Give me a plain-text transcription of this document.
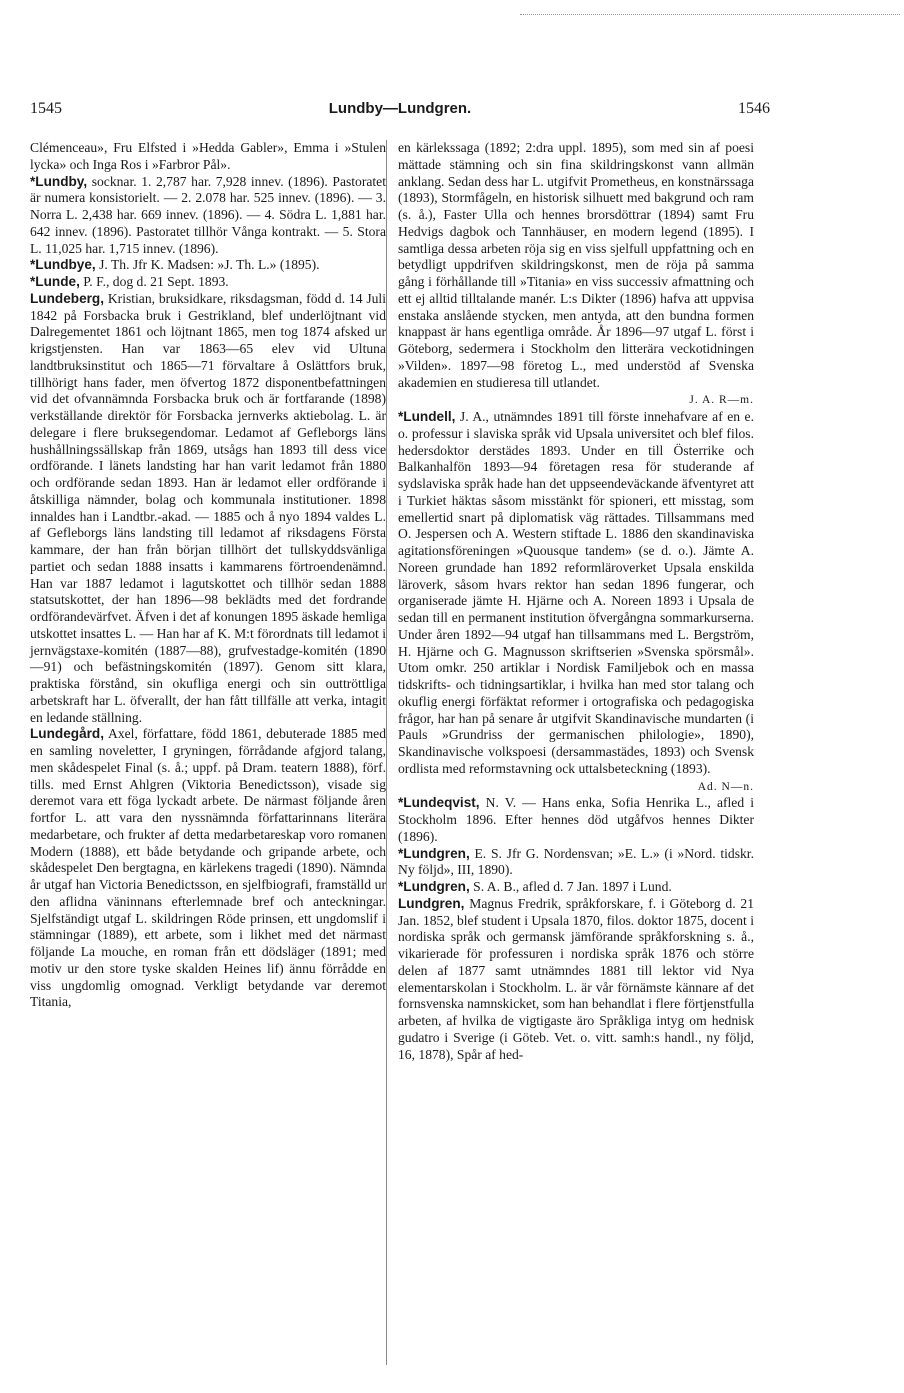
1545	Lundby—Lundgren.	1546

Clémenceau», Fru Elfsted i »Hedda Gabler», Emma i »Stulen lycka» och Inga Ros i »Farbror Pål».

*Lundby, socknar. 1. 2,787 har. 7,928 innev. (1896). Pastoratet är numera konsistorielt. — 2. 2.078 har. 525 innev. (1896). — 3. Norra L. 2,438 har. 669 innev. (1896). — 4. Södra L. 1,881 har. 642 innev. (1896). Pastoratet tillhör Vånga kontrakt. — 5. Stora L. 11,025 har. 1,715 innev. (1896).

*Lundbye, J. Th. Jfr K. Madsen: »J. Th. L.» (1895).

*Lunde, P. F., dog d. 21 Sept. 1893.

Lundeberg, Kristian, bruksidkare, riksdagsman, född d. 14 Juli 1842 på Forsbacka bruk i Gestrikland, blef underlöjtnant vid Dalregementet 1861 och löjtnant 1865, men tog 1874 afsked ur krigstjensten. Han var 1863—65 elev vid Ultuna landtbruksinstitut och 1865—71 förvaltare å Oslättfors bruk, tillhörigt hans fader, men öfvertog 1872 disponentbefattningen vid det ofvannämnda Forsbacka bruk och är fortfarande (1898) verkställande direktör för Forsbacka jernverks aktiebolag. L. är delegare i flere bruksegendomar. Ledamot af Gefleborgs läns hushållningssällskap från 1869, utsågs han 1893 till dess vice ordförande. I länets landsting har han varit ledamot från 1880 och ordförande sedan 1893. Han är ledamot eller ordförande i åtskilliga nämnder, bolag och kommunala institutioner. 1898 innaldes han i Landtbr.-akad. — 1885 och å nyo 1894 valdes L. af Gefleborgs läns landsting till ledamot af riksdagens Första kammare, der han från början tillhört det tullskyddsvänliga partiet och sedan 1888 insatts i kammarens förtroendenämnd. Han var 1887 ledamot i lagutskottet och tillhör sedan 1888 statsutskottet, der han 1896—98 beklädts med det fordrande ordförandevärfvet. Äfven i det af konungen 1895 äskade hemliga utskottet insattes L. — Han har af K. M:t förordnats till ledamot i jernvägstaxe-komitén (1887—88), grufvestadge-komitén (1890—91) och befästningskomitén (1897). Genom sitt klara, praktiska förstånd, sin okufliga energi och sin outtröttliga arbetskraft har L. öfverallt, der han fått tillfälle att verka, intagit en ledande ställning.

Lundegård, Axel, författare, född 1861, debuterade 1885 med en samling noveletter, I gryningen, förrådande afgjord talang, men skådespelet Final (s. å.; uppf. på Dram. teatern 1888), förf. tills. med Ernst Ahlgren (Viktoria Benedictsson), visade sig deremot vara ett föga lyckadt arbete. De närmast följande åren fortfor L. att vara den nyssnämnda författarinnans literära medarbetare, och frukter af detta medarbetareskap voro romanen Modern (1888), ett både betydande och gripande arbete, och skådespelet Den bergtagna, en kärlekens tragedi (1890). Nämnda år utgaf han Victoria Benedictsson, en sjelfbiografi, framställd ur den aflidna väninnans efterlemnade bref och anteckningar. Sjelfständigt utgaf L. skildringen Röde prinsen, ett ungdomslif i stämningar (1889), ett arbete, som i likhet med det närmast följande La mouche, en roman från ett dödsläger (1891; med motiv ur den store tyske skalden Heines lif) ännu förrådde en viss ungdomlig omognad. Verkligt betydande var deremot Titania,

en kärlekssaga (1892; 2:dra uppl. 1895), som med sin af poesi mättade stämning och sin fina skildringskonst vann allmän anklang. Sedan dess har L. utgifvit Prometheus, en konstnärssaga (1893), Stormfågeln, en historisk silhuett med bakgrund och ram (s. å.), Faster Ulla och hennes brorsdöttrar (1894) samt Fru Hedvigs dagbok och Tannhäuser, en modern legend (1895). I samtliga dessa arbeten röja sig en viss sjelfull uppfattning och en betydligt uppdrifven skildringskonst, men de röja på samma gång i förhållande till »Titania» en viss successiv afmattning och ett ej alltid tilltalande manér. L:s Dikter (1896) hafva att uppvisa enstaka anslående stycken, men antyda, att den bundna formen knappast är hans egentliga område. År 1896—97 utgaf L. först i Göteborg, sedermera i Stockholm den litterära veckotidningen »Vilden». 1897—98 företog L., med understöd af Svenska akademien en studieresa till utlandet.

J. A. R—m.

*Lundell, J. A., utnämndes 1891 till förste innehafvare af en e. o. professur i slaviska språk vid Upsala universitet och blef filos. hedersdoktor derstädes 1893. Under en till Österrike och Balkanhalfön 1893—94 företagen resa för studerande af sydslaviska språk hade han det uppseendeväckande äfventyret att i Turkiet häktas såsom misstänkt för spioneri, ett misstag, som emellertid snart på diplomatisk väg rättades. Tillsammans med O. Jespersen och A. Western stiftade L. 1886 den skandinaviska agitationsföreningen »Quousque tandem» (se d. o.). Jämte A. Noreen grundade han 1892 reformläroverket Upsala enskilda läroverk, såsom hvars rektor han sedan 1896 fungerar, och organiserade jämte H. Hjärne och A. Noreen 1893 i Upsala de sedan till en permanent institution öfvergångna sommarkurserna. Under åren 1892—94 utgaf han tillsammans med L. Bergström, H. Hjärne och G. Magnusson skriftserien »Svenska spörsmål». Utom omkr. 250 artiklar i Nordisk Familjebok och en massa tidskrifts- och tidningsartiklar, i hvilka han med stor talang och okuflig energi förfäktat reformer i ortografiska och pedagogiska frågor, har han på senare år utgifvit Skandinavische mundarten (i Pauls »Grundriss der germanischen philologie», 1890), Skandinavische volkspoesi (dersammastädes, 1893) och Svensk ordlista med reformstavning ock uttalsbeteckning (1893).

Ad. N—n.

*Lundeqvist, N. V. — Hans enka, Sofia Henrika L., afled i Stockholm 1896. Efter hennes död utgåfvos hennes Dikter (1896).

*Lundgren, E. S. Jfr G. Nordensvan; »E. L.» (i »Nord. tidskr. Ny följd», III, 1890).

*Lundgren, S. A. B., afled d. 7 Jan. 1897 i Lund.

Lundgren, Magnus Fredrik, språkforskare, f. i Göteborg d. 21 Jan. 1852, blef student i Upsala 1870, filos. doktor 1875, docent i nordiska språk och germansk jämförande språkforskning s. å., vikarierade för professuren i nordiska språk 1876 och större delen af 1877 samt utnämndes 1881 till lektor vid Nya elementarskolan i Stockholm. L. är vår förnämste kännare af det fornsvenska namnskicket, som han behandlat i flere förtjenstfulla arbeten, af hvilka de vigtigaste äro Språkliga intyg om hednisk gudatro i Sverige (i Göteb. Vet. o. vitt. samh:s handl., ny följd, 16, 1878), Spår af hed-
